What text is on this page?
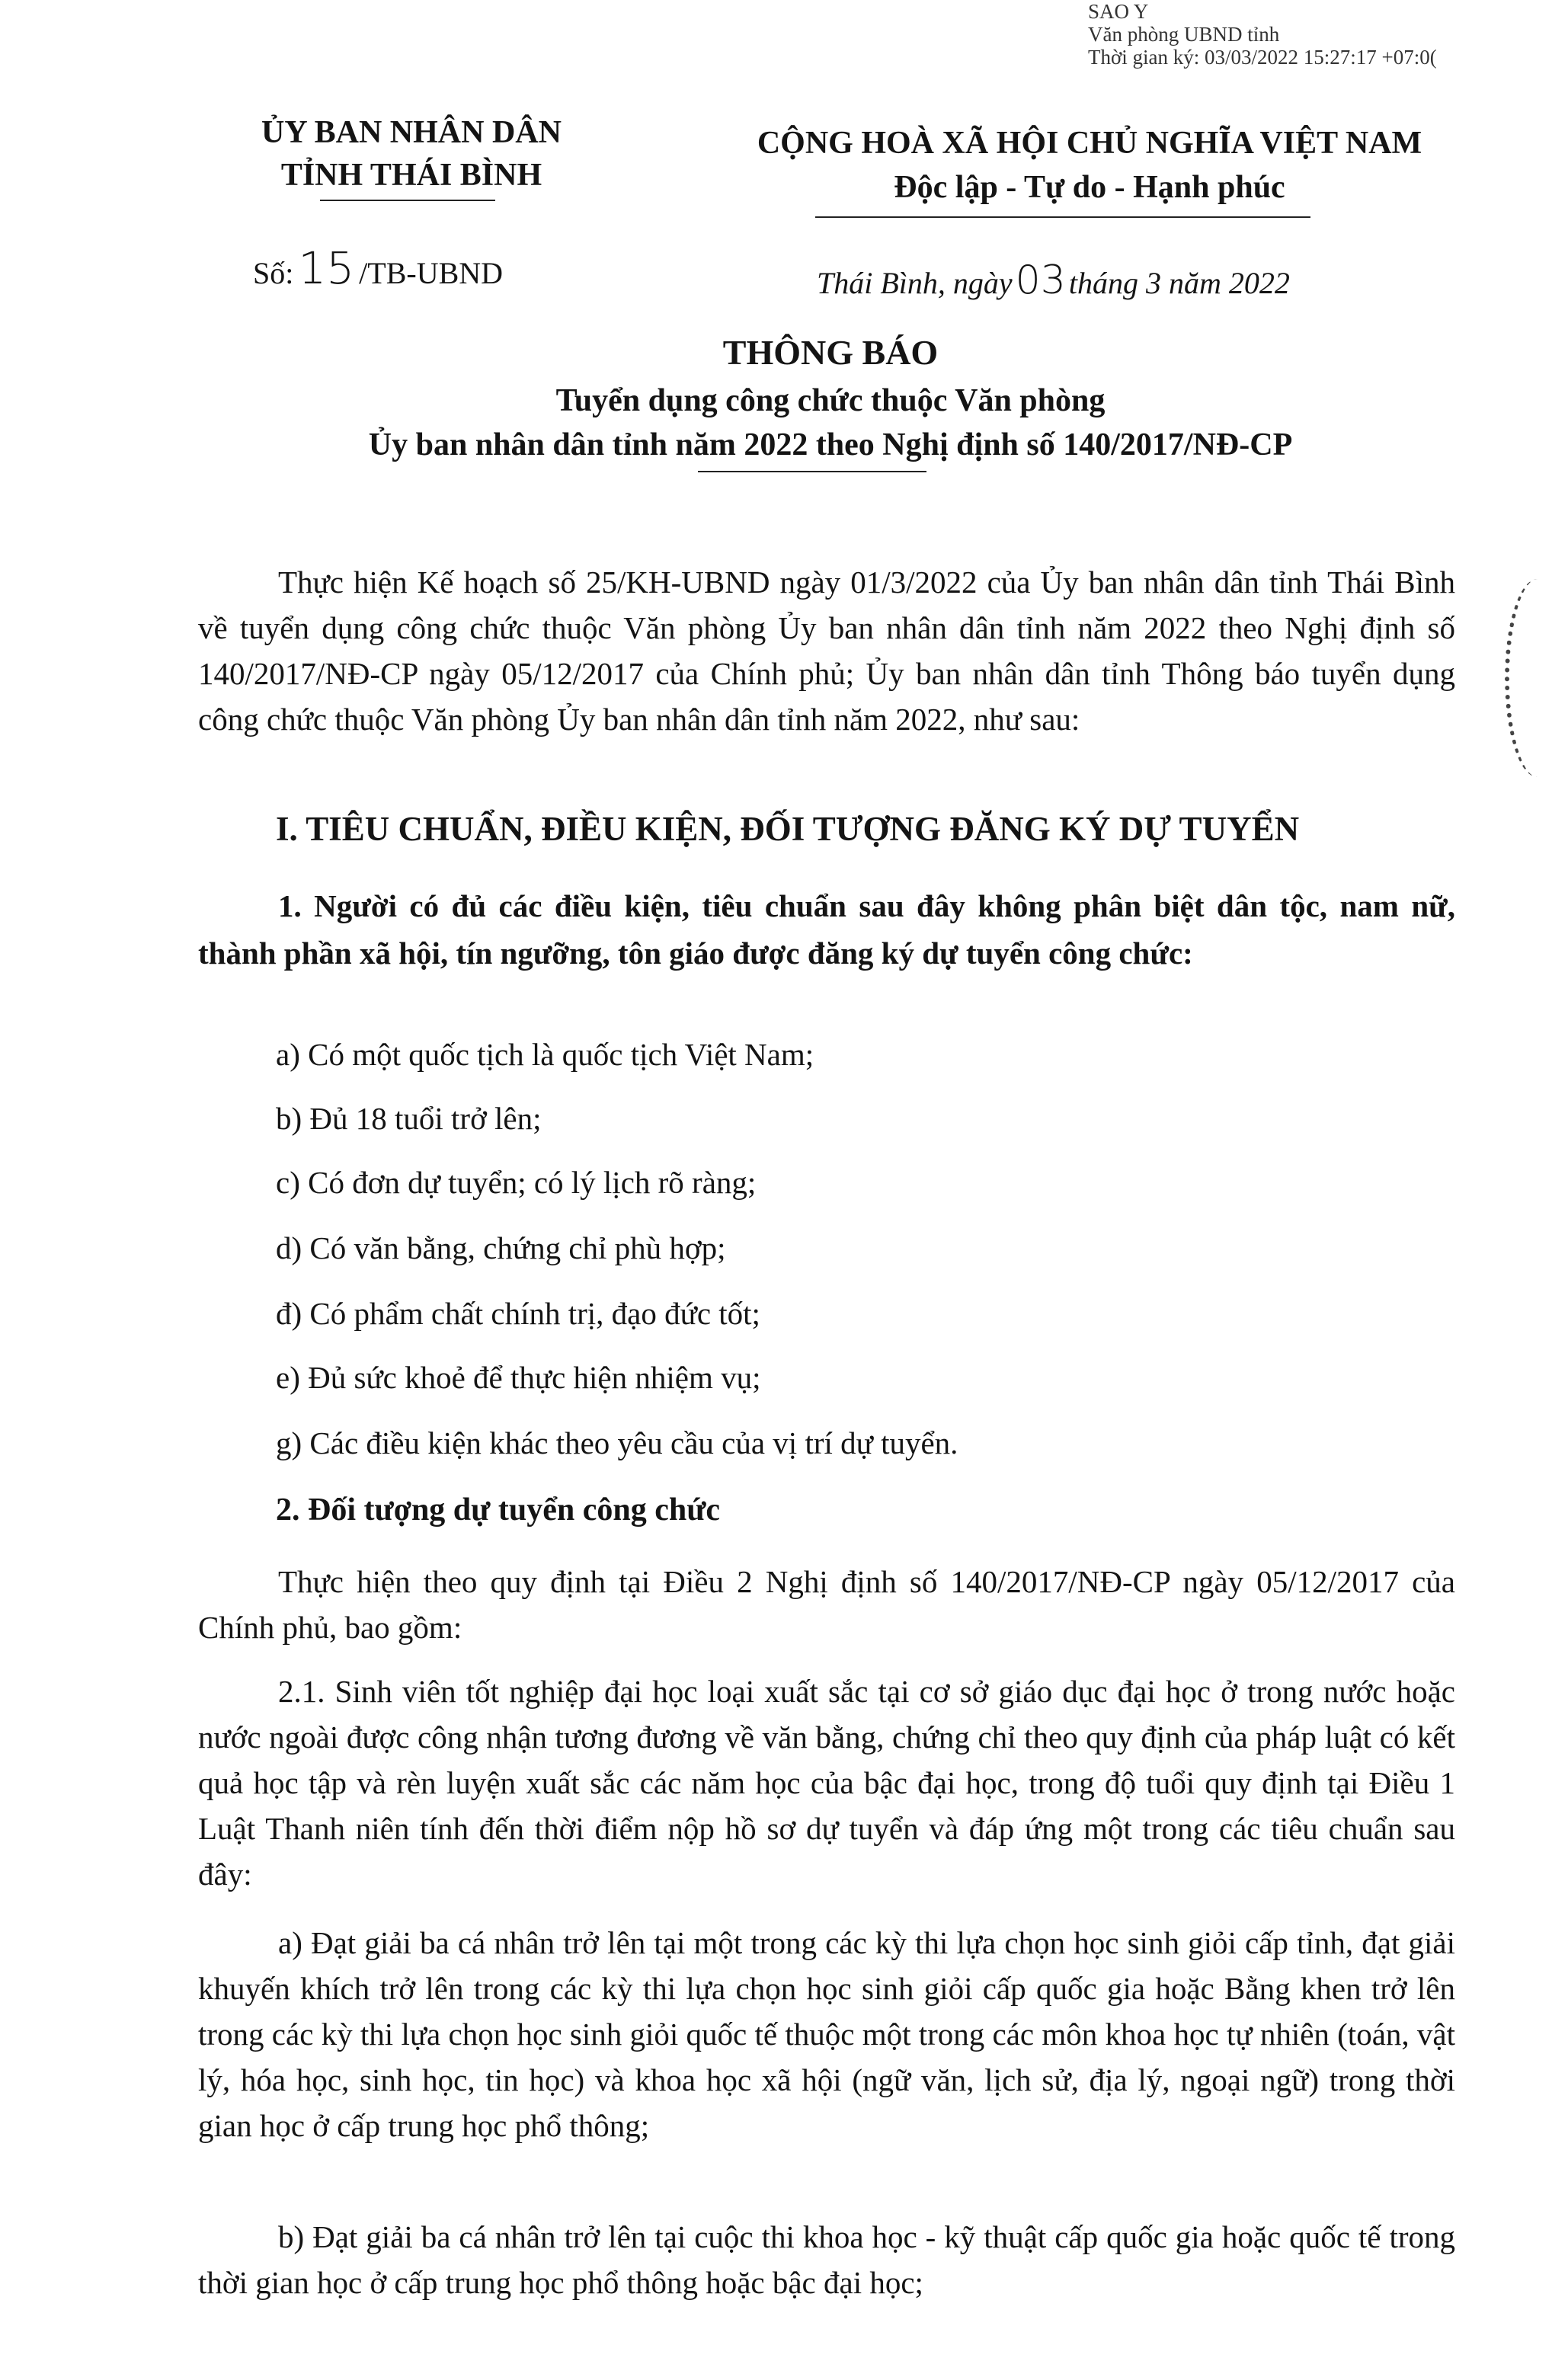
SAO Y
Văn phòng UBND tỉnh
Thời gian ký: 03/03/2022 15:27:17 +07:0(
ỦY BAN NHÂN DÂN
TỈNH THÁI BÌNH
CỘNG HOÀ XÃ HỘI CHỦ NGHĨA VIỆT NAM
Độc lập - Tự do - Hạnh phúc
Số: 15 /TB-UBND	Thái Bình, ngày03 tháng 3 năm 2022
THÔNG BÁO
Tuyển dụng công chức thuộc Văn phòng
Ủy ban nhân dân tỉnh năm 2022 theo Nghị định số 140/2017/NĐ-CP
Thực hiện Kế hoạch số 25/KH-UBND ngày 01/3/2022 của Ủy ban nhân dân tỉnh Thái Bình về tuyển dụng công chức thuộc Văn phòng Ủy ban nhân dân tỉnh năm 2022 theo Nghị định số 140/2017/NĐ-CP ngày 05/12/2017 của Chính phủ; Ủy ban nhân dân tỉnh Thông báo tuyển dụng công chức thuộc Văn phòng Ủy ban nhân dân tỉnh năm 2022, như sau:
I. TIÊU CHUẨN, ĐIỀU KIỆN, ĐỐI TƯỢNG ĐĂNG KÝ DỰ TUYỂN
1. Người có đủ các điều kiện, tiêu chuẩn sau đây không phân biệt dân tộc, nam nữ, thành phần xã hội, tín ngưỡng, tôn giáo được đăng ký dự tuyển công chức:
a) Có một quốc tịch là quốc tịch Việt Nam;
b) Đủ 18 tuổi trở lên;
c) Có đơn dự tuyển; có lý lịch rõ ràng;
d) Có văn bằng, chứng chỉ phù hợp;
đ) Có phẩm chất chính trị, đạo đức tốt;
e) Đủ sức khoẻ để thực hiện nhiệm vụ;
g) Các điều kiện khác theo yêu cầu của vị trí dự tuyển.
2. Đối tượng dự tuyển công chức
Thực hiện theo quy định tại Điều 2 Nghị định số 140/2017/NĐ-CP ngày 05/12/2017 của Chính phủ, bao gồm:
2.1. Sinh viên tốt nghiệp đại học loại xuất sắc tại cơ sở giáo dục đại học ở trong nước hoặc nước ngoài được công nhận tương đương về văn bằng, chứng chỉ theo quy định của pháp luật có kết quả học tập và rèn luyện xuất sắc các năm học của bậc đại học, trong độ tuổi quy định tại Điều 1 Luật Thanh niên tính đến thời điểm nộp hồ sơ dự tuyển và đáp ứng một trong các tiêu chuẩn sau đây:
a) Đạt giải ba cá nhân trở lên tại một trong các kỳ thi lựa chọn học sinh giỏi cấp tỉnh, đạt giải khuyến khích trở lên trong các kỳ thi lựa chọn học sinh giỏi cấp quốc gia hoặc Bằng khen trở lên trong các kỳ thi lựa chọn học sinh giỏi quốc tế thuộc một trong các môn khoa học tự nhiên (toán, vật lý, hóa học, sinh học, tin học) và khoa học xã hội (ngữ văn, lịch sử, địa lý, ngoại ngữ) trong thời gian học ở cấp trung học phổ thông;
b) Đạt giải ba cá nhân trở lên tại cuộc thi khoa học - kỹ thuật cấp quốc gia hoặc quốc tế trong thời gian học ở cấp trung học phổ thông hoặc bậc đại học;
